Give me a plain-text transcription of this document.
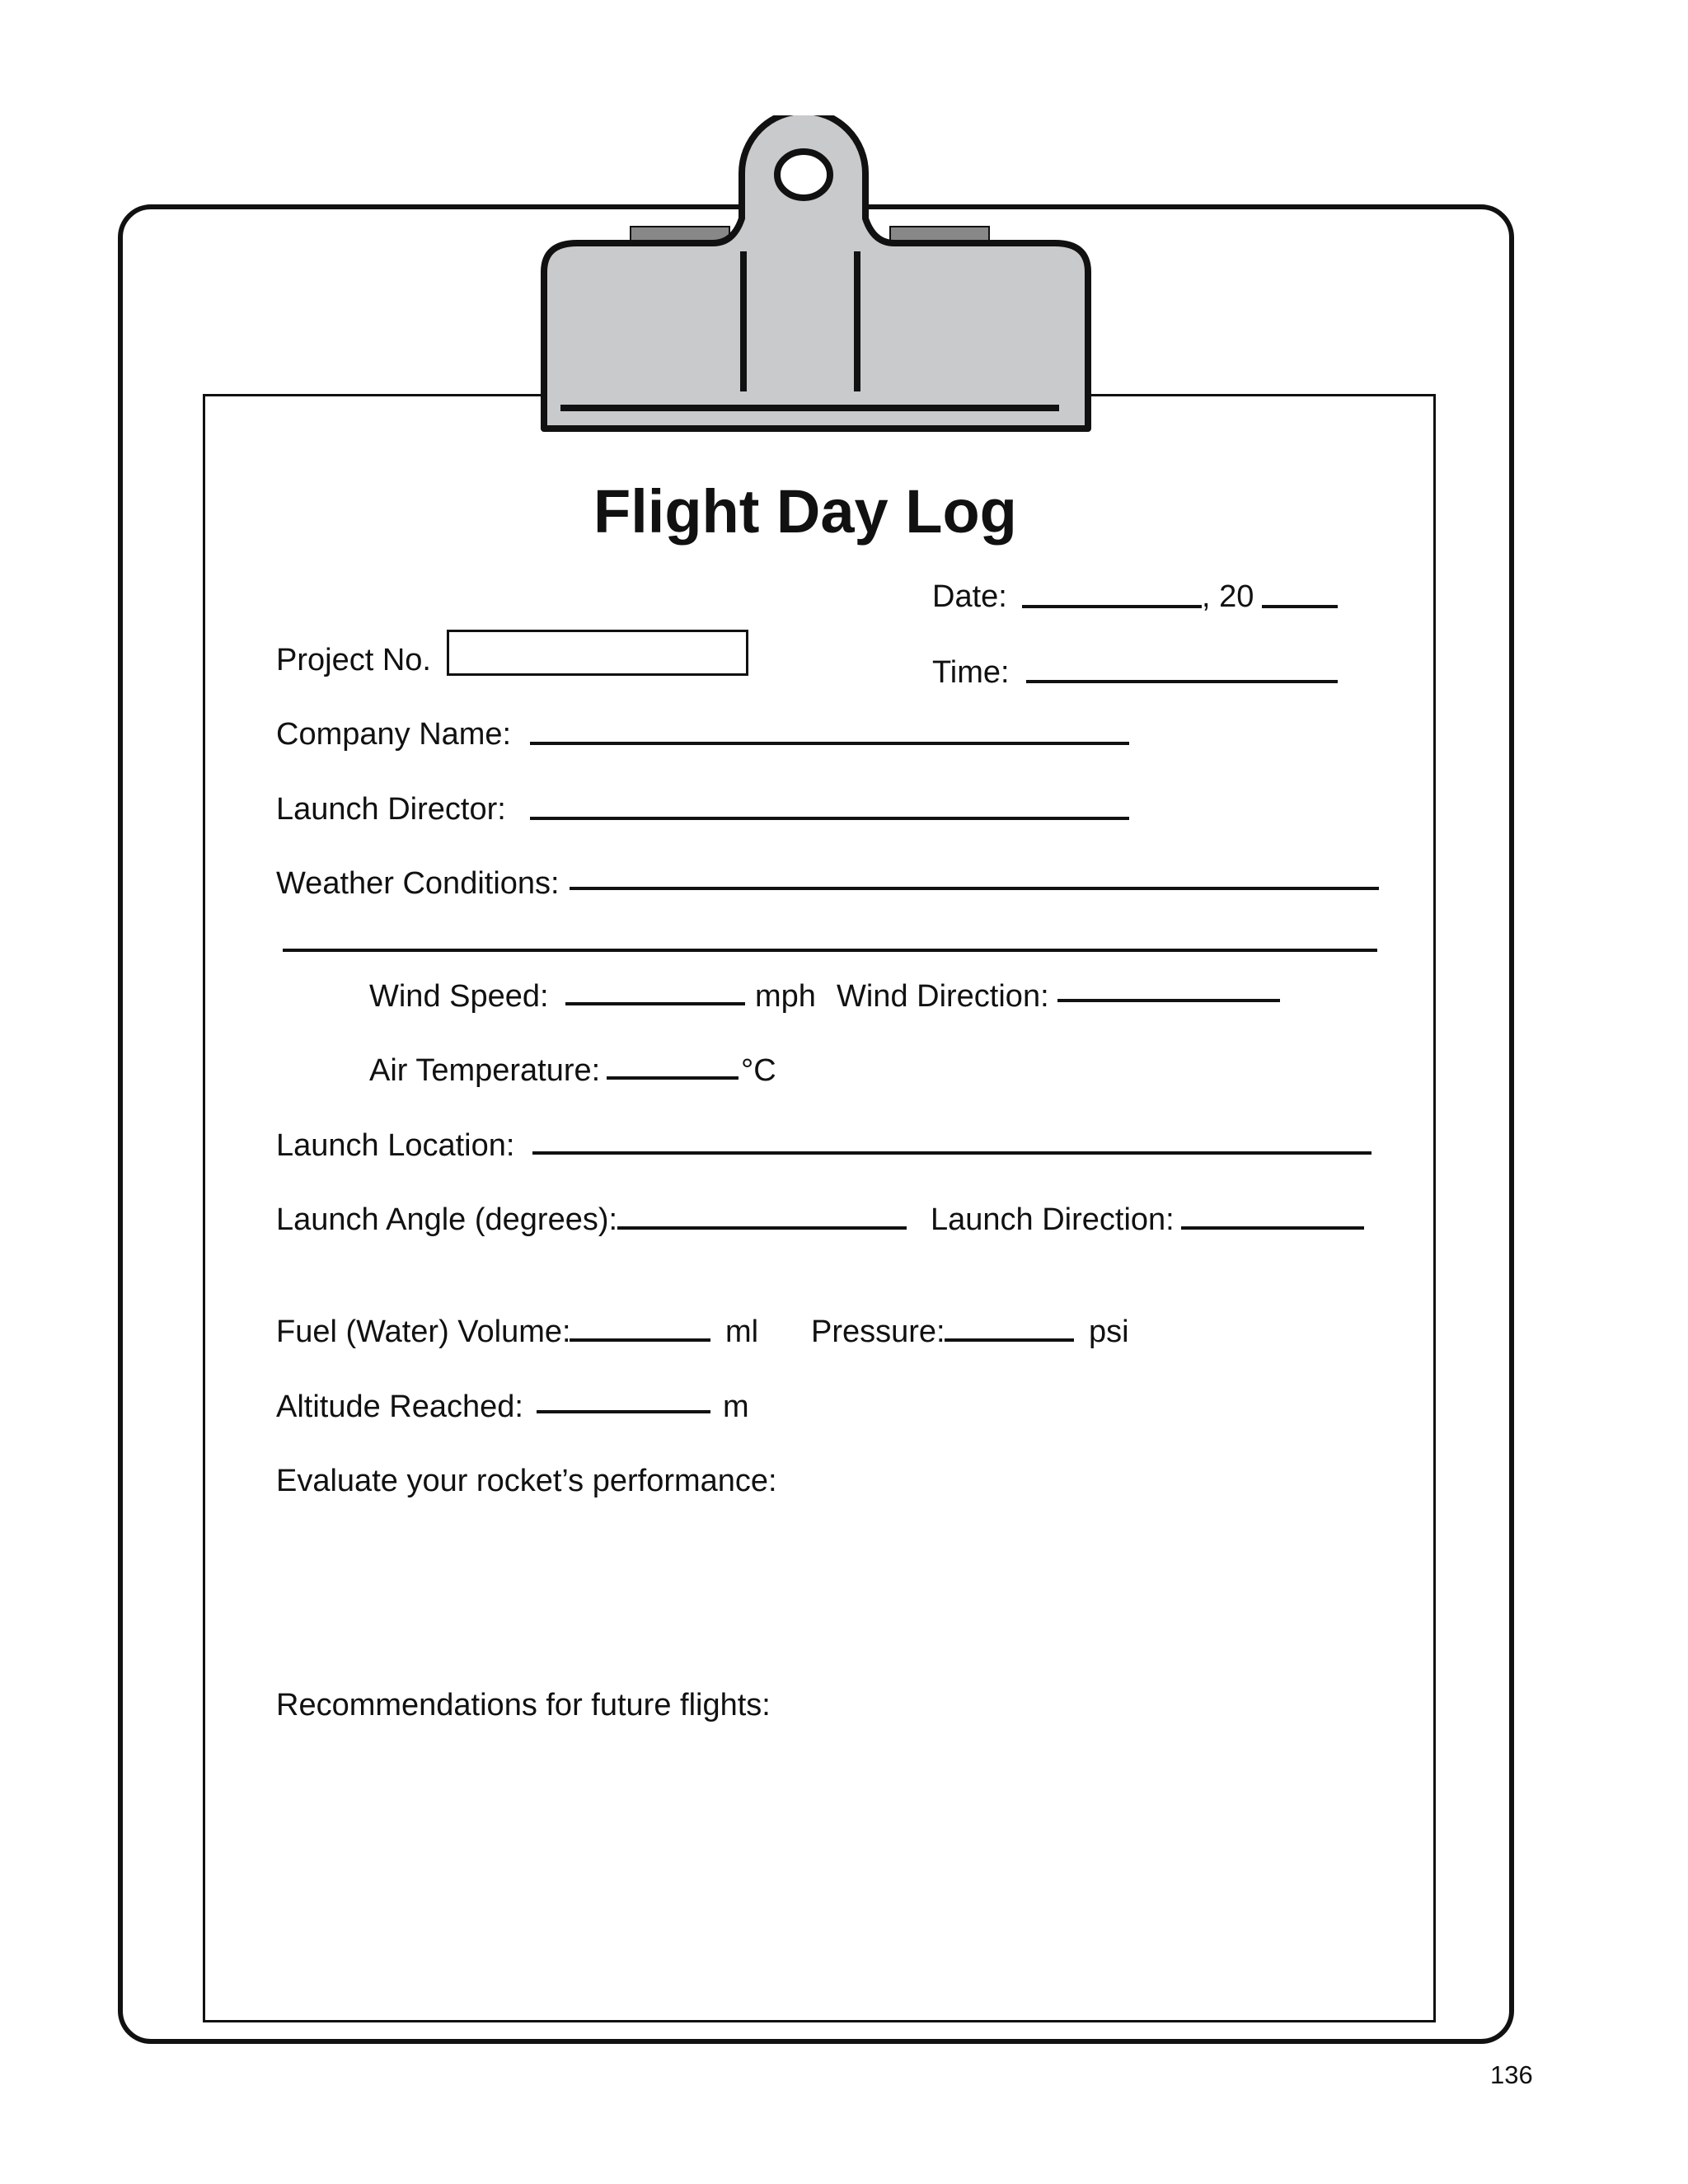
Flight Day Log
Date:	, 20
Project No.	Time:
Company Name:
Launch Director:
Weather Conditions:
Wind Speed:	mph Wind Direction:
Air Temperature:	°C
Launch Location:
Launch Angle (degrees):	Launch Direction:
Fuel (Water) Volume:	ml Pressure:	psi
Altitude Reached:	m
Evaluate your rocket’s performance:
Recommendations for future flights:
136
